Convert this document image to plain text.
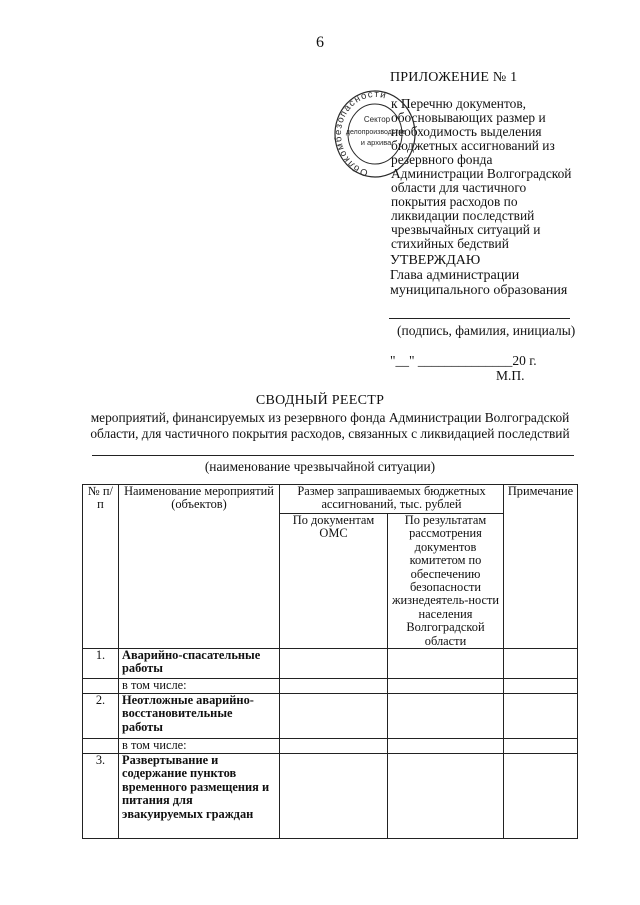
6
ПРИЛОЖЕНИЕ № 1
к Перечню документов,
обосновывающих размер и
необходимость выделения
бюджетных ассигнований из
резервного фонда
Администрации Волгоградской
области для частичного
покрытия расходов по
ликвидации последствий
чрезвычайных ситуаций и
стихийных бедствий
Облкомбезопасности
Сектор
делопроизводства
и архива
УТВЕРЖДАЮ
Глава администрации
муниципального образования
(подпись, фамилия, инициалы)
"__" ______________20 г.
М.П.
СВОДНЫЙ РЕЕСТР
мероприятий, финансируемых из резервного фонда Администрации Волгоградской
области, для частичного покрытия расходов, связанных с ликвидацией последствий
(наименование чрезвычайной ситуации)
№ п/п	Наименование мероприятий (объектов)	Размер запрашиваемых бюджетных ассигнований, тыс. рублей		Примечание
		По документам ОМС	По результатам рассмотрения документов комитетом по обеспечению безопасности жизнедеятель-ности населения Волгоградской области	
1.	Аварийно-спасательные работы			
	в том числе:			
2.	Неотложные аварийно-восстановительные работы			
	в том числе:			
3.	Развертывание и содержание пунктов временного размещения и питания для эвакуируемых граждан			
